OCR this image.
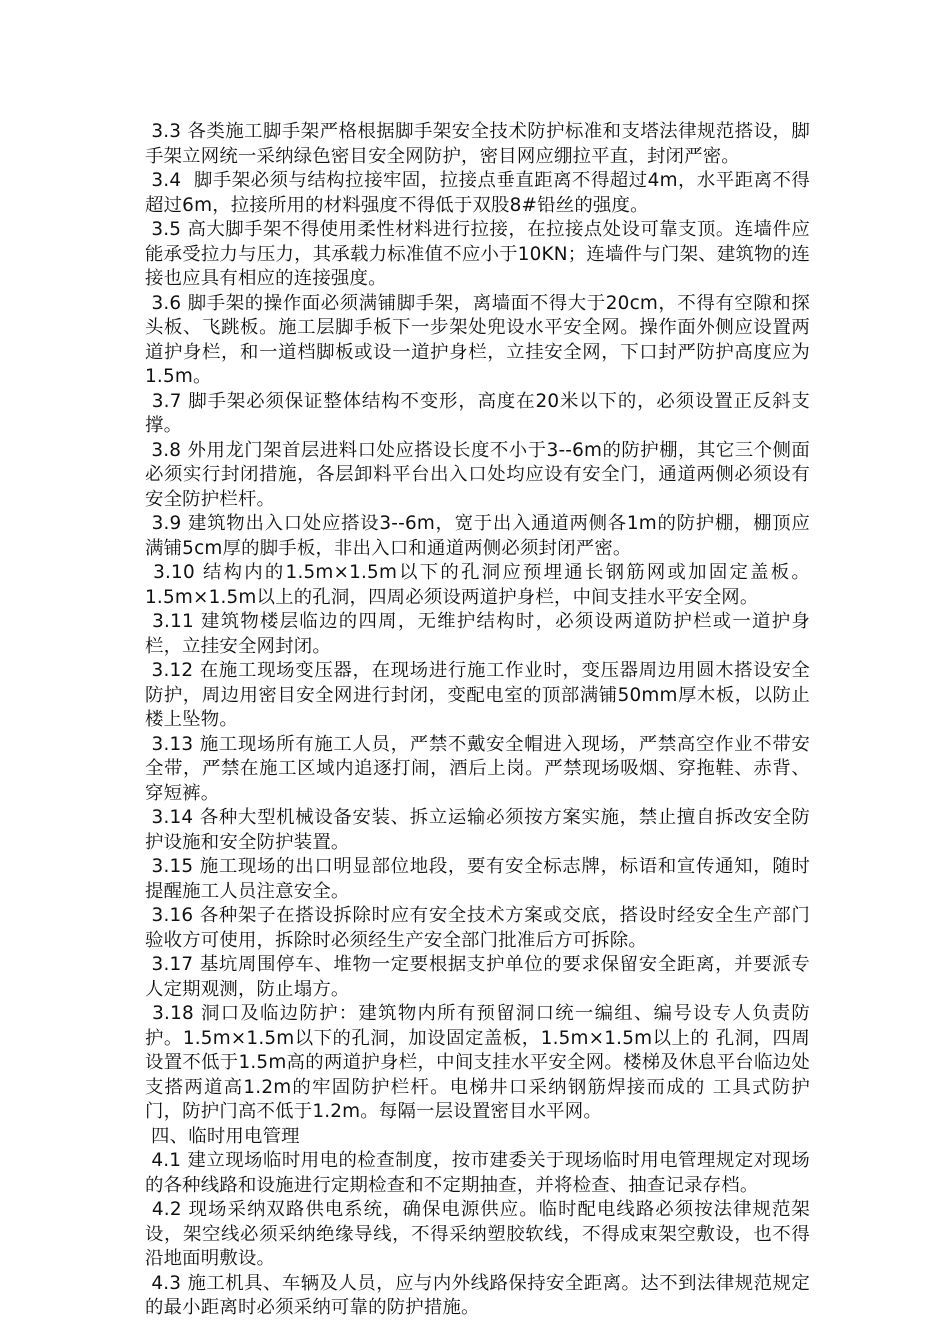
3.3 各类施工脚手架严格根据脚手架安全技术防护标准和支塔法律规范搭设，脚手架立网统一采纳绿色密目安全网防护，密目网应绷拉平直，封闭严密。

3.4  脚手架必须与结构拉接牢固，拉接点垂直距离不得超过4m，水平距离不得超过6m，拉接所用的材料强度不得低于双股8#铅丝的强度。

3.5 高大脚手架不得使用柔性材料进行拉接，在拉接点处设可靠支顶。连墙件应能承受拉力与压力，其承载力标准值不应小于10KN；连墙件与门架、建筑物的连接也应具有相应的连接强度。

3.6 脚手架的操作面必须满铺脚手架，离墙面不得大于20cm，不得有空隙和探头板、飞跳板。施工层脚手板下一步架处兜设水平安全网。操作面外侧应设置两道护身栏，和一道档脚板或设一道护身栏，立挂安全网，下口封严防护高度应为1.5m。

3.7 脚手架必须保证整体结构不变形，高度在20米以下的，必须设置正反斜支撑。

3.8 外用龙门架首层进料口处应搭设长度不小于3--6m的防护棚，其它三个侧面必须实行封闭措施，各层卸料平台出入口处均应设有安全门，通道两侧必须设有安全防护栏杆。

3.9 建筑物出入口处应搭设3--6m，宽于出入通道两侧各1m的防护棚，棚顶应满铺5cm厚的脚手板，非出入口和通道两侧必须封闭严密。

3.10 结构内的1.5m×1.5m以下的孔洞应预埋通长钢筋网或加固定盖板。1.5m×1.5m以上的孔洞，四周必须设两道护身栏，中间支挂水平安全网。

3.11 建筑物楼层临边的四周，无维护结构时，必须设两道防护栏或一道护身栏，立挂安全网封闭。

3.12 在施工现场变压器，在现场进行施工作业时，变压器周边用圆木搭设安全防护，周边用密目安全网进行封闭，变配电室的顶部满铺50mm厚木板，以防止楼上坠物。

3.13 施工现场所有施工人员，严禁不戴安全帽进入现场，严禁高空作业不带安全带，严禁在施工区域内追逐打闹，酒后上岗。严禁现场吸烟、穿拖鞋、赤背、穿短裤。

3.14 各种大型机械设备安装、拆立运输必须按方案实施，禁止擅自拆改安全防护设施和安全防护装置。

3.15 施工现场的出口明显部位地段，要有安全标志牌，标语和宣传通知，随时提醒施工人员注意安全。

3.16 各种架子在搭设拆除时应有安全技术方案或交底，搭设时经安全生产部门验收方可使用，拆除时必须经生产安全部门批准后方可拆除。

3.17 基坑周围停车、堆物一定要根据支护单位的要求保留安全距离，并要派专人定期观测，防止塌方。

3.18 洞口及临边防护：建筑物内所有预留洞口统一编组、编号设专人负责防护。1.5m×1.5m以下的孔洞，加设固定盖板，1.5m×1.5m以上的 孔洞，四周设置不低于1.5m高的两道护身栏，中间支挂水平安全网。楼梯及休息平台临边处支搭两道高1.2m的牢固防护栏杆。电梯井口采纳钢筋焊接而成的 工具式防护门，防护门高不低于1.2m。每隔一层设置密目水平网。

四、临时用电管理

4.1 建立现场临时用电的检查制度，按市建委关于现场临时用电管理规定对现场的各种线路和设施进行定期检查和不定期抽查，并将检查、抽查记录存档。

4.2 现场采纳双路供电系统，确保电源供应。临时配电线路必须按法律规范架设，架空线必须采纳绝缘导线，不得采纳塑胶软线，不得成束架空敷设，也不得沿地面明敷设。

4.3 施工机具、车辆及人员，应与内外线路保持安全距离。达不到法律规范规定的最小距离时必须采纳可靠的防护措施。
